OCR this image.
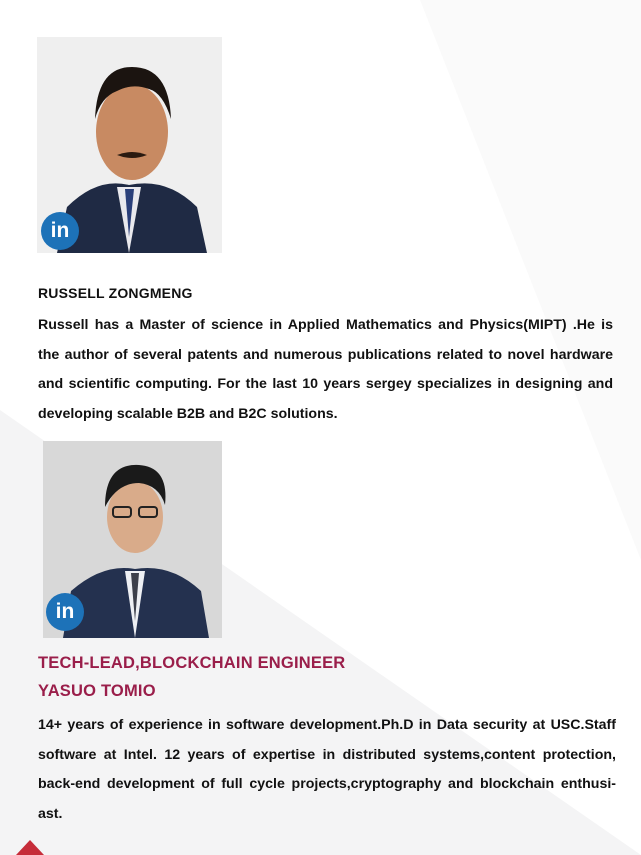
in
RUSSELL ZONGMENG
Russell has a Master of science in Applied Mathematics and Physics(MIPT) .He is
the author of several patents and numerous publications related to novel hardware
and scientific computing. For the last 10 years sergey specializes in designing and
developing scalable B2B and B2C solutions.
in
TECH-LEAD,BLOCKCHAIN ENGINEER
YASUO TOMIO
14+ years of experience in software development.Ph.D in Data security at USC.Staff
software at Intel. 12 years of expertise in distributed systems,content protection,
back-end development of full cycle projects,cryptography and blockchain enthusi-
ast.
